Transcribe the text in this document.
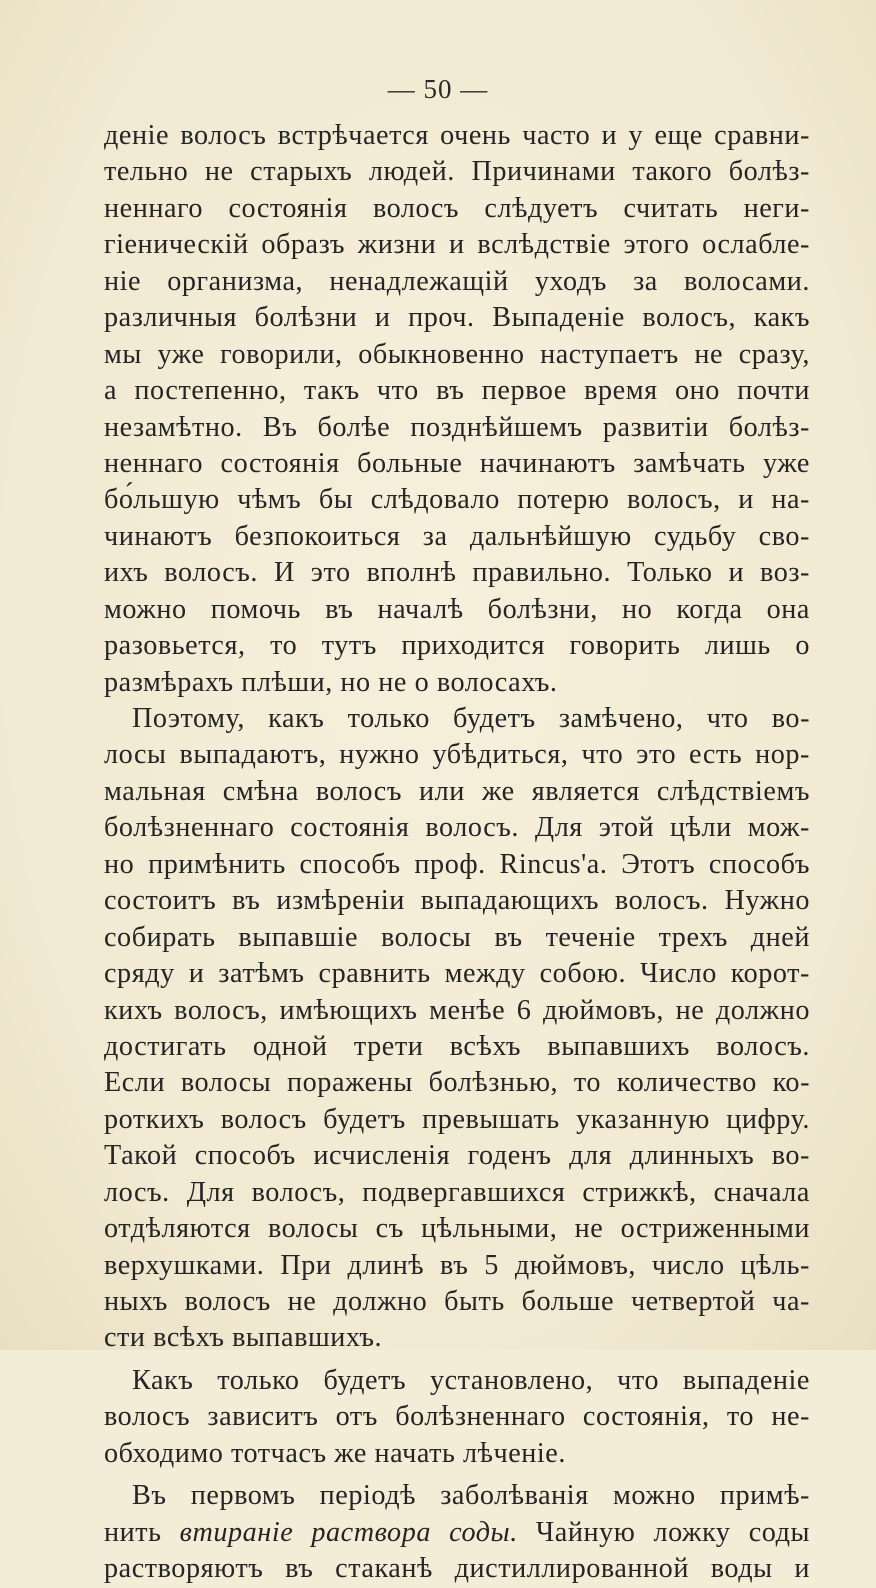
— 50 —
деніе волосъ встрѣчается очень часто и у еще сравни-
тельно не старыхъ людей. Причинами такого болѣз-
неннаго состоянія волосъ слѣдуетъ считать неги-
гіеническій образъ жизни и вслѣдствіе этого ослабле-
ніе организма, ненадлежащій уходъ за волосами.
различныя болѣзни и проч. Выпаденіе волосъ, какъ
мы уже говорили, обыкновенно наступаетъ не сразу,
а постепенно, такъ что въ первое время оно почти
незамѣтно. Въ болѣе позднѣйшемъ развитіи болѣз-
неннаго состоянія больные начинаютъ замѣчать уже
бо́льшую чѣмъ бы слѣдовало потерю волосъ, и на-
чинаютъ безпокоиться за дальнѣйшую судьбу сво-
ихъ волосъ. И это вполнѣ правильно. Только и воз-
можно помочь въ началѣ болѣзни, но когда она
разовьется, то тутъ приходится говорить лишь о
размѣрахъ плѣши, но не о волосахъ.
Поэтому, какъ только будетъ замѣчено, что во-
лосы выпадаютъ, нужно убѣдиться, что это есть нор-
мальная смѣна волосъ или же является слѣдствіемъ
болѣзненнаго состоянія волосъ. Для этой цѣли мож-
но примѣнить способъ проф. Rincus'а. Этотъ способъ
состоитъ въ измѣреніи выпадающихъ волосъ. Нужно
собирать выпавшіе волосы въ теченіе трехъ дней
сряду и затѣмъ сравнить между собою. Число корот-
кихъ волосъ, имѣющихъ менѣе 6 дюймовъ, не должно
достигать одной трети всѣхъ выпавшихъ волосъ.
Если волосы поражены болѣзнью, то количество ко-
роткихъ волосъ будетъ превышать указанную цифру.
Такой способъ исчисленія годенъ для длинныхъ во-
лосъ. Для волосъ, подвергавшихся стрижкѣ, сначала
отдѣляются волосы съ цѣльными, не остриженными
верхушками. При длинѣ въ 5 дюймовъ, число цѣль-
ныхъ волосъ не должно быть больше четвертой ча-
сти всѣхъ выпавшихъ.
Какъ только будетъ установлено, что выпаденіе
волосъ зависитъ отъ болѣзненнаго состоянія, то не-
обходимо тотчасъ же начать лѣченіе.
Въ первомъ періодѣ заболѣванія можно примѣ-
нить втираніе раствора соды. Чайную ложку соды
растворяютъ въ стаканѣ дистиллированной воды и
